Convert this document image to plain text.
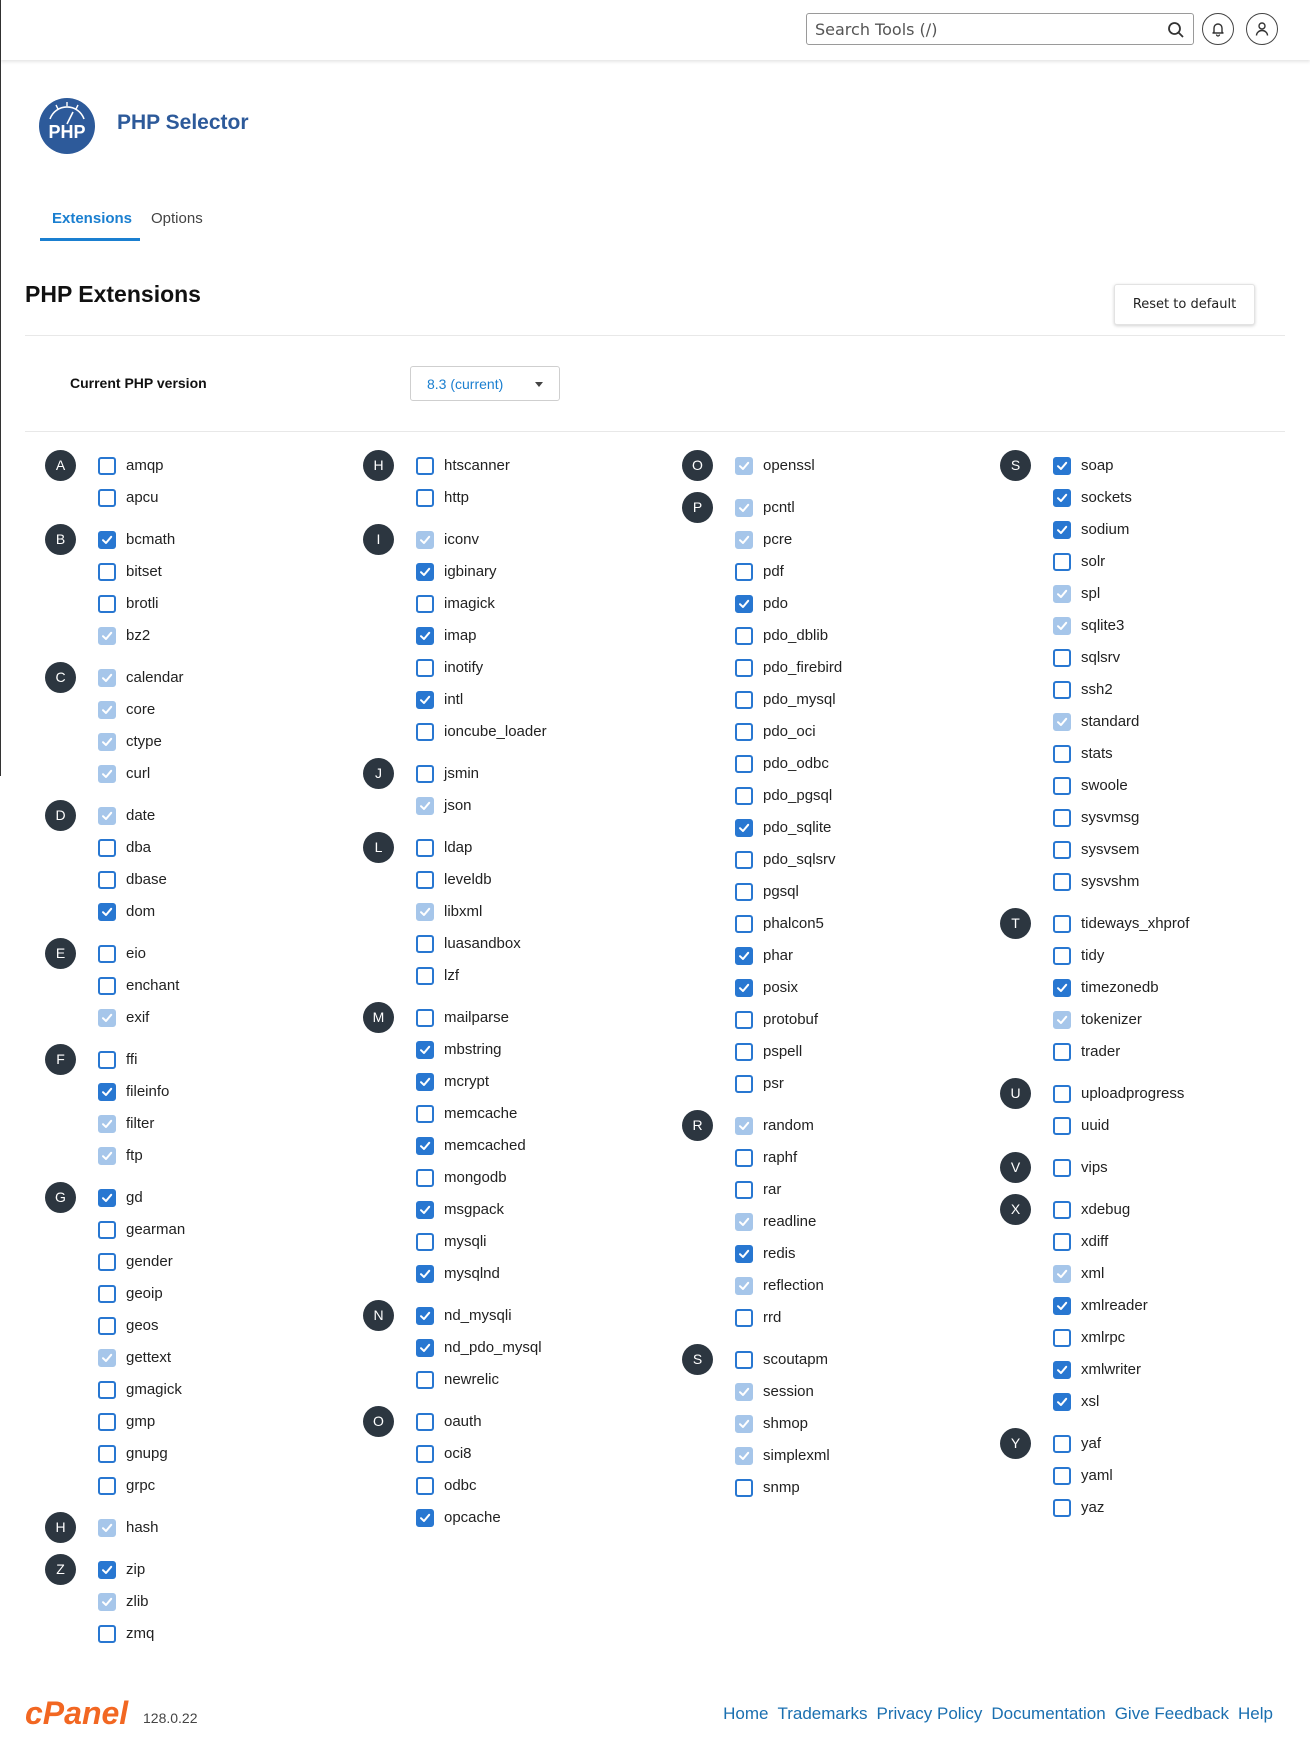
Search Tools (/)
PHP PHP Selector
Extensions Options
PHP Extensions	Reset to default
Current PHP version	8.3 (current)
A	amqp
apcu
B	bcmath
bitset
brotli
bz2
C	calendar
core
ctype
curl
D	date
dba
dbase
dom
E	eio
enchant
exif
F	ffi
fileinfo
filter
ftp
G	gd
gearman
gender
geoip
geos
gettext
gmagick
gmp
gnupg
grpc
H	hash
Z	zip
zlib
zmq
H	htscanner
http
I	iconv
igbinary
imagick
imap
inotify
intl
ioncube_loader
J	jsmin
json
L	ldap
leveldb
libxml
luasandbox
lzf
M	mailparse
mbstring
mcrypt
memcache
memcached
mongodb
msgpack
mysqli
mysqlnd
N	nd_mysqli
nd_pdo_mysql
newrelic
O	oauth
oci8
odbc
opcache
O	openssl
P	pcntl
pcre
pdf
pdo
pdo_dblib
pdo_firebird
pdo_mysql
pdo_oci
pdo_odbc
pdo_pgsql
pdo_sqlite
pdo_sqlsrv
pgsql
phalcon5
phar
posix
protobuf
pspell
psr
R	random
raphf
rar
readline
redis
reflection
rrd
S	scoutapm
session
shmop
simplexml
snmp
S	soap
sockets
sodium
solr
spl
sqlite3
sqlsrv
ssh2
standard
stats
swoole
sysvmsg
sysvsem
sysvshm
T	tideways_xhprof
tidy
timezonedb
tokenizer
trader
U	uploadprogress
uuid
V	vips
X	xdebug
xdiff
xml
xmlreader
xmlrpc
xmlwriter
xsl
Y	yaf
yaml
yaz
cPanel 128.0.22	Home Trademarks Privacy Policy Documentation Give Feedback Help
